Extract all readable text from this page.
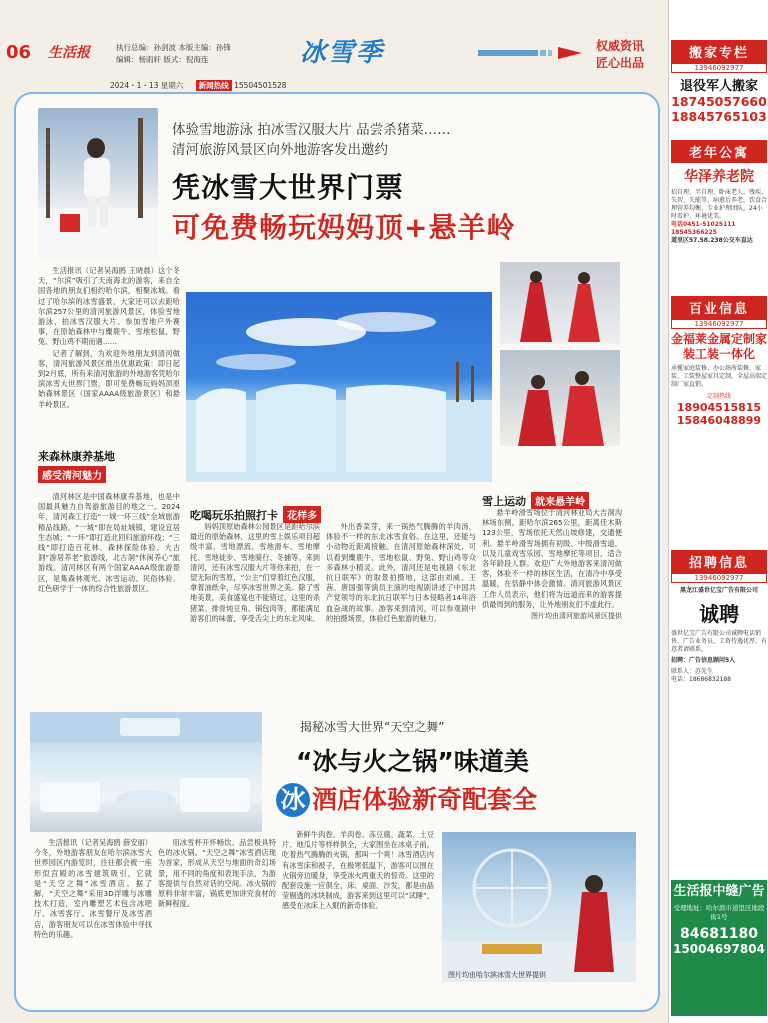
06 生活报	执行总编：孙剑波 本版主编：孙锋
编辑：杨雨轩 版式：倪海连	冰雪季	权威资讯
匠心出品
2024・1・13 星期六 新闻热线 15504501528
体验雪地游泳 拍冰雪汉服大片 品尝杀猪菜……
清河旅游风景区向外地游客发出邀约
凭冰雪大世界门票
可免费畅玩妈妈顶+悬羊岭

生活报讯（记者吴海鸥 王晓晨）这个冬天，“尔滨”吸引了天南海北的游客，来自全国各地的朋友们相约哈尔滨，相聚冰城。看过了哈尔滨的冰雪盛景，大家还可以去距哈尔滨257公里的清河旅游风景区，体验雪地游泳、拍冰雪汉服大片、参加雪地户外赛事，在原始森林中与麋鹿牛、雪地松鼠、野兔、野山鸡不期而遇……

记者了解到，为欢迎外地朋友到清河做客，清河旅游风景区推出优惠政策：即日起到2月底，所有来清河旅游的外地游客凭哈尔滨冰雪大世界门票，即可免费畅玩妈妈顶原始森林景区（国家AAAA级旅游景区）和悬羊岭景区。

来森林康养基地
感受清河魅力

清河林区是中国森林康养基地，也是中国最具魅力自驾游旅游目的地之一。2024年，清河森工打造“一城一环三线”全域旅游精品线路。“一城”即在局址城镇，建设宜居生态城；“一环”即打造北回归旅游环线；“三线”即打造百花林、森林探险体验、大古洞“游居养老”旅游线，北古洞“休闲养心”旅游线。清河林区有两个国家AAAA级旅游景区，是集森林观光、冰雪运动、民俗体验、红色研学于一体的综合性旅游景区。

吃喝玩乐拍照打卡 花样多

妈妈顶原始森林公园景区是距哈尔滨最近的原始森林，这里的雪上娱乐项目超级丰富，雪地漂流、雪地滑车、雪地摩托、雪地徒步、雪地骑行、冬捕等。来到清河，还有冰雪汉服大片等你来拍，在一望无际的雪原，“公主”们穿着红色汉服，拿着油纸伞，尽享冰雪世界之美。除了雪地美景，美食盛宴也不能错过，这里的杀猪菜、排骨炖豆角、锅包肉等，都能满足游客们的味蕾，享受舌尖上的东北风味。

外出香菜芽，来一锅热气腾腾的羊肉汤，体验不一样的东北冰雪食俗。在这里，还能与小动物近距离接触。在清河原始森林深处，可以看到麋鹿牛、雪地松鼠、野兔、野山鸡等众多森林小精灵。此外，清河还是电视剧《东北抗日联军》的取景拍摄地，这部由刘威、王茜、唐国强等演员主演的电视剧讲述了中国共产党领导的东北抗日联军与日本侵略者14年浴血奋战的故事。游客来到清河，可以参观剧中的拍摄场景，体验红色旅游的魅力。

雪上运动 就来悬羊岭

悬羊岭滑雪场位于清河林业局大吉洞沟林场东侧，距哈尔滨265公里，距离佳木斯123公里，雪场依托天然山坡修建，交通便利。悬羊岭滑雪场拥有初级、中级滑雪道，以及儿童戏雪乐园、雪地摩托等项目，适合各年龄段人群。欢迎广大外地游客来清河做客，体验不一样的林区生活，在清冷中享受温暖，在恬静中体会激情。清河旅游风景区工作人员表示，他们将为远道而来的游客提供最周到的服务，让外地朋友们不虚此行。

图片均由清河旅游风景区提供
揭秘冰雪大世界“天空之舞”
“冰与火之锅”味道美
冰 酒店体验新奇配套全

生活报讯（记者吴海鸥 薛安丽）今冬，外地游客朋友在哈尔滨冰雪大世界园区内游览时，往往都会被一座形似宫殿的冰雪建筑吸引，它就是“天空之舞”冰雪酒店。据了解，“天空之舞”采用3D浮雕与冰雕技术打造，室内雕塑艺术包含冰吧厅、冰雪客厅、冰雪餐厅及冰雪酒店，游客朋友可以在冰雪体验中寻找特色的乐趣。

用冰雪杯开怀畅饮、品尝极具特色的冰火锅。“天空之舞”冰雪酒店现为首家，形成从天空与地面的奇幻场景，用不同的角度和表现手法，为游客提供与自然对话的空间。冰火锅的原料非常丰富，锅底更加讲究食材的新鲜程度。

新鲜牛肉卷、羊肉卷、冻豆腐、蔬菜、土豆片、地瓜片等样样俱全，大家围坐在冰桌子前，吃着热气腾腾的火锅，那叫一个爽！冰雪酒店内有冰雪床和被子，在极寒低温下，游客可以围在火锅旁边暖身，享受冰火两重天的惊奇。这里的配套设施一应俱全，床、桌面、沙发，都是由晶莹剔透的冰块制成，游客来到这里可以“试睡”，感受在冰床上入眠的新奇体验。

图片均由哈尔滨冰雪大世界提供
搬家专栏
13946092977
退役军人搬家
18745057660
18845765103
老年公寓
华泽养老院
招自理、半自理、卧床老人、残疾、失智、失能等、病愈后养老，饮食合理营养均衡，专业护理团队，24小时看护，环境优美。
电话0451-51025111 18545366225
道里区57.58.238公交车直达
百业信息
13946092977
金福莱金属定制家装工装一体化
承揽家庭装修、办公场所装修、家装、工装整屋家具定制，全屋高端定制厂家直销。
定制热线
18904515815
15846048899
招聘信息
13946092977
黑龙江盛世亿宝广告有限公司
诚聘
盛世亿宝广告有限公司诚聘电话销售、广告业务员，工资待遇优厚，有意者请联系。
招聘：广告信息顾问5人
联系人：苏先生
电话：18686832188
生活报中缝广告
受理地址：哈尔滨市道里区地段街1号
84681180
15004697804
